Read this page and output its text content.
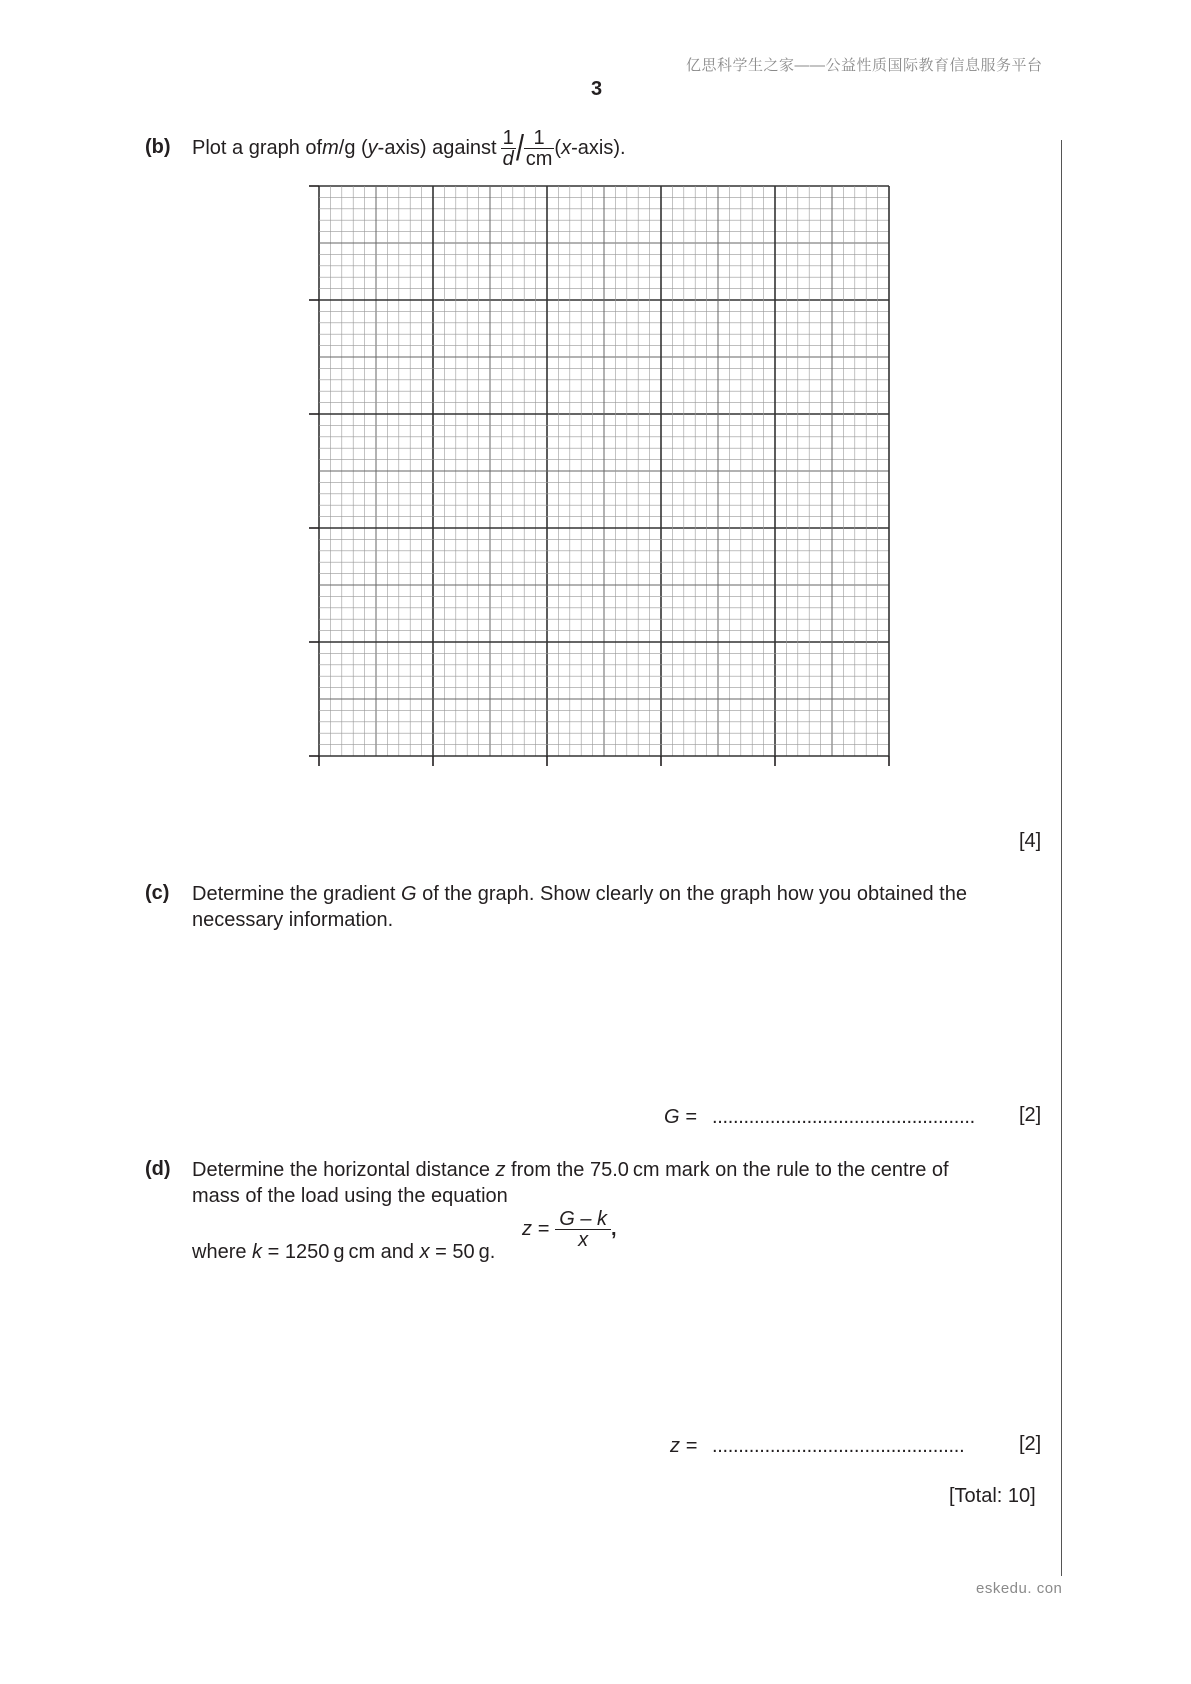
亿思科学生之家——公益性质国际教育信息服务平台
3
eskedu. con
(b) Plot a graph of m /g ( y -axis) against $\frac{1}{d} / \frac{1}{cm}$ ( x -axis).
[4]
(c) Determine the gradient G of the graph. Show clearly on the graph how you obtained the
necessary information.
G = .................................................. [2]
(d) Determine the horizontal distance z from the 75.0 cm mark on the rule to the centre of
mass of the load using the equation
$z = \frac{G - k}{x}$ ,
where k = 1250 g cm and x = 50 g.
z = ................................................	[2]
[Total: 10]
